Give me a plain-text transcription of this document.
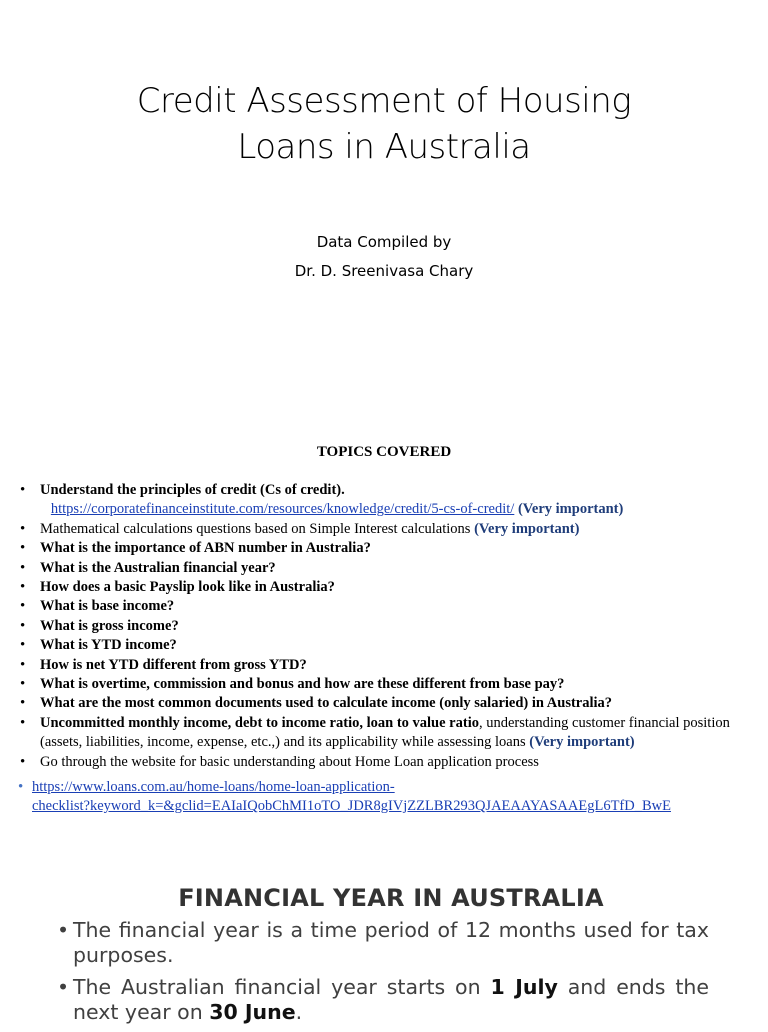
Credit Assessment of Housing
Loans in Australia
Data Compiled by
Dr. D. Sreenivasa Chary
TOPICS COVERED
• Understand the principles of credit (Cs of credit).
https://corporatefinanceinstitute.com/resources/knowledge/credit/5-cs-of-credit/ (Very important)
• Mathematical calculations questions based on Simple Interest calculations (Very important)
• What is the importance of ABN number in Australia?
• What is the Australian financial year?
• How does a basic Payslip look like in Australia?
• What is base income?
• What is gross income?
• What is YTD income?
• How is net YTD different from gross YTD?
• What is overtime, commission and bonus and how are these different from base pay?
• What are the most common documents used to calculate income (only salaried) in Australia?
• Uncommitted monthly income, debt to income ratio, loan to value ratio, understanding customer financial position (assets, liabilities, income, expense, etc.,) and its applicability while assessing loans (Very important)
• Go through the website for basic understanding about Home Loan application process
• https://www.loans.com.au/home-loans/home-loan-application-
checklist?keyword_k=&gclid=EAIaIQobChMI1oTO_JDR8gIVjZZLBR293QJAEAAYASAAEgL6TfD_BwE
FINANCIAL YEAR IN AUSTRALIA
• The financial year is a time period of 12 months used for tax purposes.
• The Australian financial year starts on 1 July and ends the next year on 30 June.
